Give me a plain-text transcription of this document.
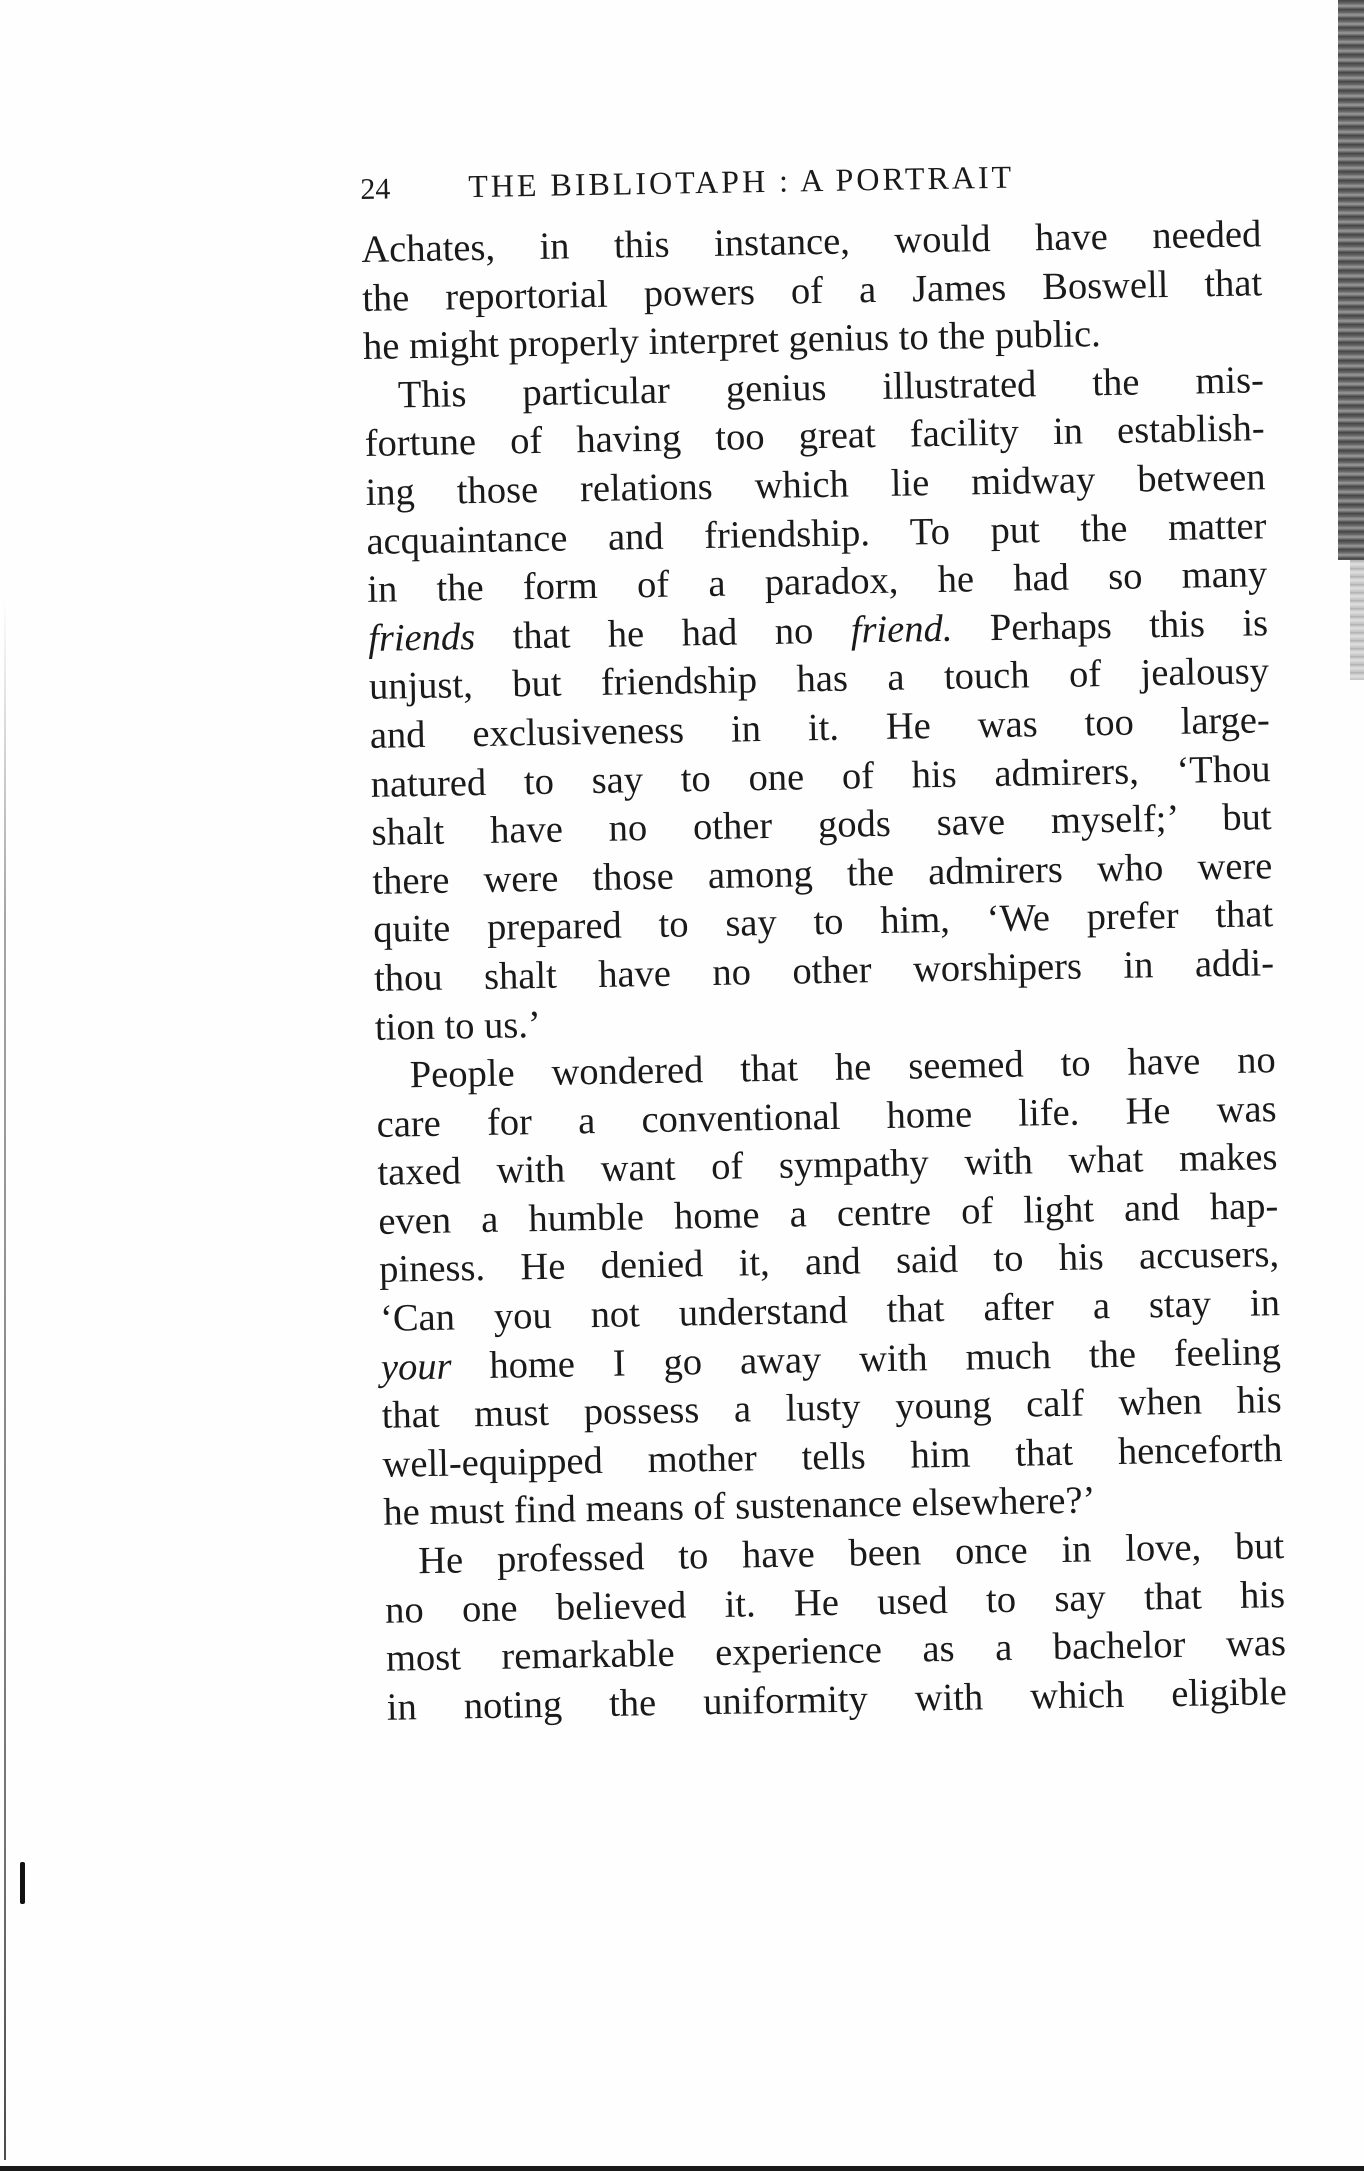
24	THE BIBLIOTAPH : A PORTRAIT
Achates, in this instance, would have needed
the reportorial powers of a James Boswell that
he might properly interpret genius to the public.
This particular genius illustrated the mis-
fortune of having too great facility in establish-
ing those relations which lie midway between
acquaintance and friendship. To put the matter
in the form of a paradox, he had so many
friends that he had no friend. Perhaps this is
unjust, but friendship has a touch of jealousy
and exclusiveness in it. He was too large-
natured to say to one of his admirers, ‘Thou
shalt have no other gods save myself;’ but
there were those among the admirers who were
quite prepared to say to him, ‘We prefer that
thou shalt have no other worshipers in addi-
tion to us.’
People wondered that he seemed to have no
care for a conventional home life. He was
taxed with want of sympathy with what makes
even a humble home a centre of light and hap-
piness. He denied it, and said to his accusers,
‘Can you not understand that after a stay in
your home I go away with much the feeling
that must possess a lusty young calf when his
well-equipped mother tells him that henceforth
he must find means of sustenance elsewhere?’
He professed to have been once in love, but
no one believed it. He used to say that his
most remarkable experience as a bachelor was
in noting the uniformity with which eligible
